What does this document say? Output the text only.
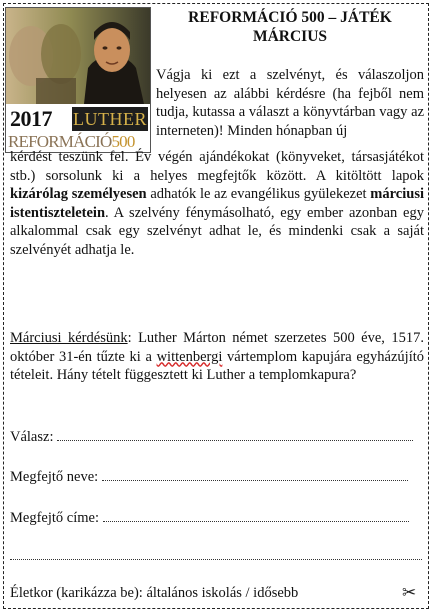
2017 LUTHER
REFORMÁCIÓ500
REFORMÁCIÓ 500 – JÁTÉK
MÁRCIUS
Vágja ki ezt a szelvényt, és válaszoljon helyesen az alábbi kérdésre (ha fejből nem tudja, kutassa a választ a könyvtárban vagy az interneten)! Minden hónapban új
kérdést teszünk fel. Év végén ajándékokat (könyveket, társasjátékot stb.) sorsolunk ki a helyes megfejtők között. A kitöltött lapok kizárólag személyesen adhatók le az evangélikus gyülekezet márciusi istentiszteletein. A szelvény fénymásolható, egy ember azonban egy alkalommal csak egy szelvényt adhat le, és mindenki csak a saját szelvényét adhatja le.
Márciusi kérdésünk: Luther Márton német szerzetes 500 éve, 1517. október 31-én tűzte ki a wittenbergi vártemplom kapujára egyházújító tételeit. Hány tételt függesztett ki Luther a templomkapura?
Válasz:
Megfejtő neve:
Megfejtő címe:
Életkor (karikázza be): általános iskolás / idősebb	✂
